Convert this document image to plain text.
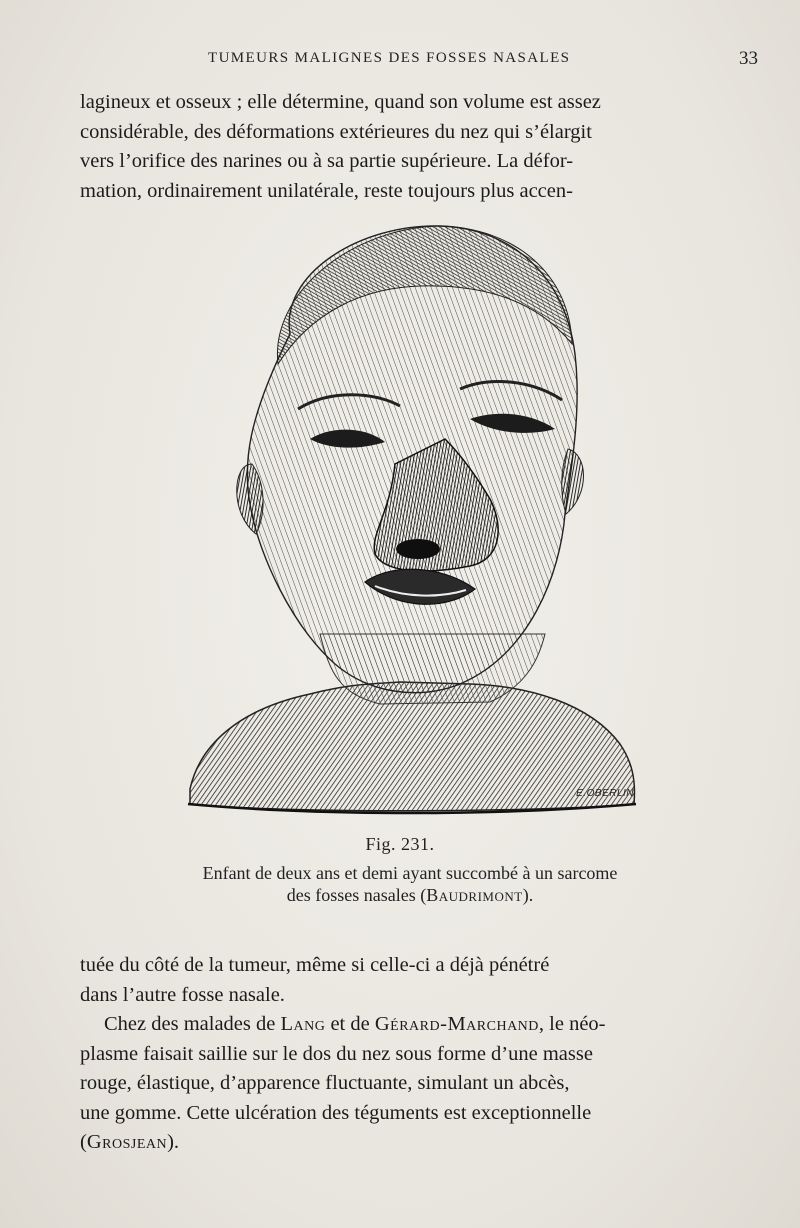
TUMEURS MALIGNES DES FOSSES NASALES	33
lagineux et osseux ; elle détermine, quand son volume est assez
considérable, des déformations extérieures du nez qui s’élargit
vers l’orifice des narines ou à sa partie supérieure. La défor-
mation, ordinairement unilatérale, reste toujours plus accen-
E.OBERLIN
Fig. 231.
Enfant de deux ans et demi ayant succombé à un sarcome
des fosses nasales (Baudrimont).
tuée du côté de la tumeur, même si celle-ci a déjà pénétré
dans l’autre fosse nasale.
Chez des malades de Lang et de Gérard-Marchand, le néo-
plasme faisait saillie sur le dos du nez sous forme d’une masse
rouge, élastique, d’apparence fluctuante, simulant un abcès,
une gomme. Cette ulcération des téguments est exceptionnelle
(Grosjean).
